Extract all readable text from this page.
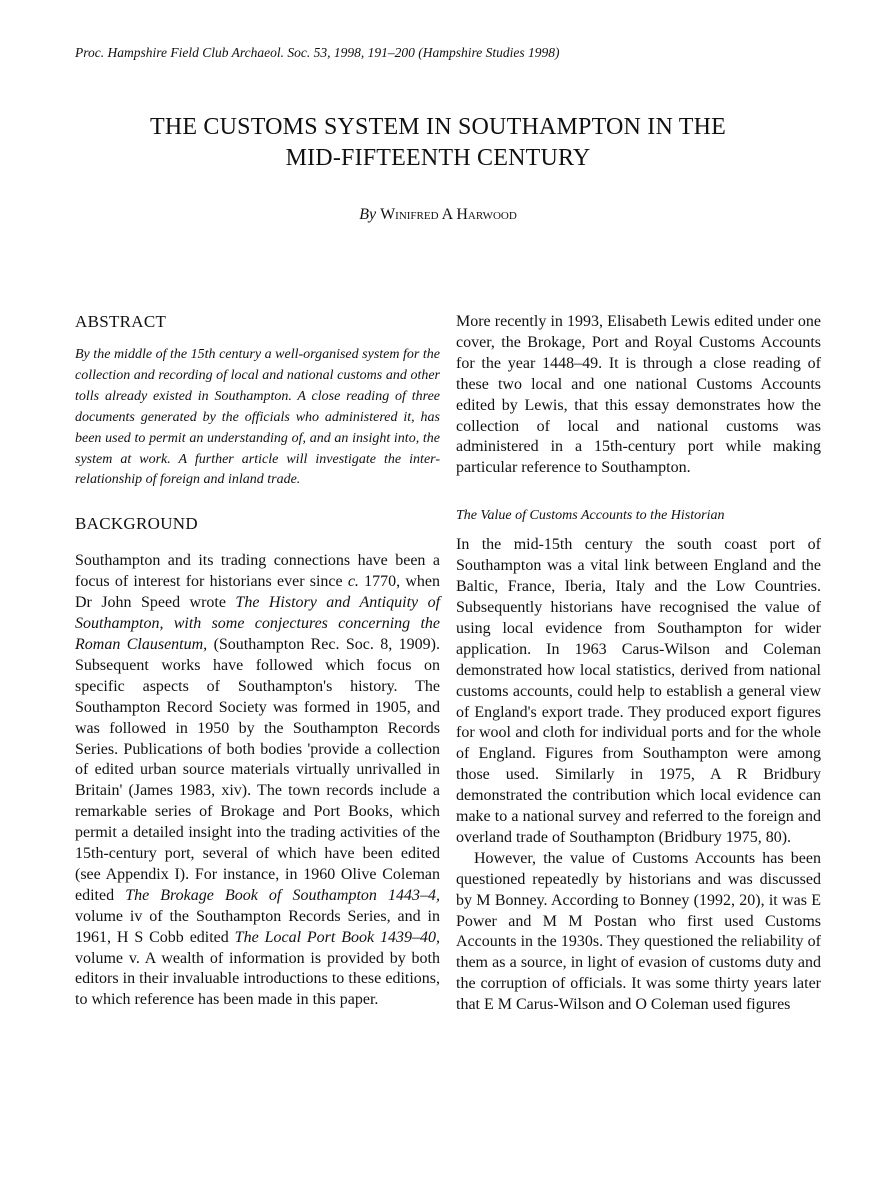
Proc. Hampshire Field Club Archaeol. Soc. 53, 1998, 191–200 (Hampshire Studies 1998)
THE CUSTOMS SYSTEM IN SOUTHAMPTON IN THE
MID-FIFTEENTH CENTURY
By Winifred A Harwood
ABSTRACT

By the middle of the 15th century a well-organised system for the collection and recording of local and national customs and other tolls already existed in Southampton. A close reading of three documents generated by the officials who administered it, has been used to permit an understanding of, and an insight into, the system at work. A further article will investigate the inter-relationship of foreign and inland trade.

BACKGROUND

Southampton and its trading connections have been a focus of interest for historians ever since c. 1770, when Dr John Speed wrote The History and Antiquity of Southampton, with some conjectures concerning the Roman Clausentum, (Southampton Rec. Soc. 8, 1909). Subsequent works have followed which focus on specific aspects of Southampton's history. The Southampton Record Society was formed in 1905, and was followed in 1950 by the Southampton Records Series. Publications of both bodies 'provide a collection of edited urban source materials virtually unrivalled in Britain' (James 1983, xiv). The town records include a remarkable series of Brokage and Port Books, which permit a detailed insight into the trading activities of the 15th-century port, several of which have been edited (see Appendix I). For instance, in 1960 Olive Coleman edited The Brokage Book of Southampton 1443–4, volume iv of the Southampton Records Series, and in 1961, H S Cobb edited The Local Port Book 1439–40, volume v. A wealth of information is provided by both editors in their invaluable introductions to these editions, to which reference has been made in this paper.

More recently in 1993, Elisabeth Lewis edited under one cover, the Brokage, Port and Royal Customs Accounts for the year 1448–49. It is through a close reading of these two local and one national Customs Accounts edited by Lewis, that this essay demonstrates how the collection of local and national customs was administered in a 15th-century port while making particular reference to Southampton.

The Value of Customs Accounts to the Historian

In the mid-15th century the south coast port of Southampton was a vital link between England and the Baltic, France, Iberia, Italy and the Low Countries. Subsequently historians have recognised the value of using local evidence from Southampton for wider application. In 1963 Carus-Wilson and Coleman demonstrated how local statistics, derived from national customs accounts, could help to establish a general view of England's export trade. They produced export figures for wool and cloth for individual ports and for the whole of England. Figures from Southampton were among those used. Similarly in 1975, A R Bridbury demonstrated the contribution which local evidence can make to a national survey and referred to the foreign and overland trade of Southampton (Bridbury 1975, 80).

However, the value of Customs Accounts has been questioned repeatedly by historians and was discussed by M Bonney. According to Bonney (1992, 20), it was E Power and M M Postan who first used Customs Accounts in the 1930s. They questioned the reliability of them as a source, in light of evasion of customs duty and the corruption of officials. It was some thirty years later that E M Carus-Wilson and O Coleman used figures
